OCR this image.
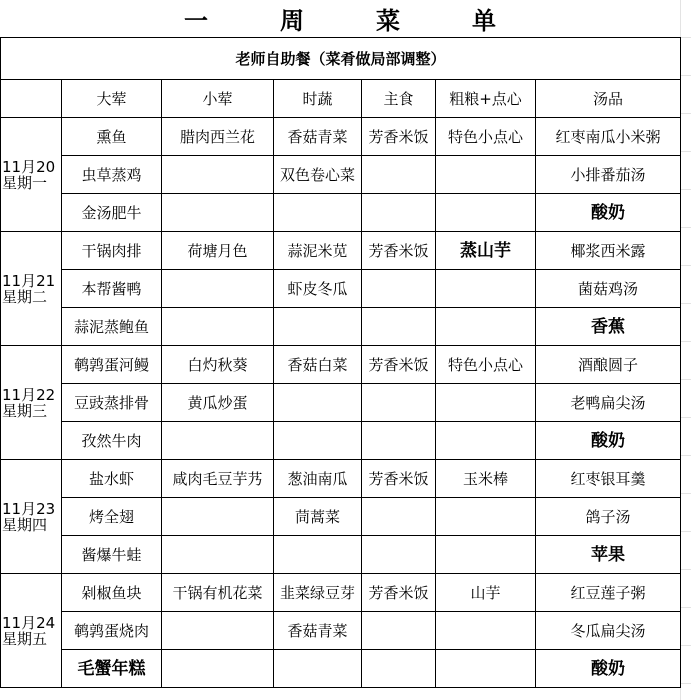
一	周	菜	单
老师自助餐（菜肴做局部调整）						
	大荤	小荤	时蔬	主食	粗粮+点心	汤品

11月20
星期一	熏鱼	腊肉西兰花	香菇青菜	芳香米饭	特色小点心	红枣南瓜小米粥
	虫草蒸鸡		双色卷心菜			小排番茄汤
	金汤肥牛					酸奶

11月21
星期二	干锅肉排	荷塘月色	蒜泥米苋	芳香米饭	蒸山芋	椰浆西米露
	本帮酱鸭		虾皮冬瓜			菌菇鸡汤
	蒜泥蒸鲍鱼					香蕉

11月22
星期三	鹌鹑蛋河鳗	白灼秋葵	香菇白菜	芳香米饭	特色小点心	酒酿圆子
	豆豉蒸排骨	黄瓜炒蛋				老鸭扁尖汤
	孜然牛肉					酸奶

11月23
星期四	盐水虾	咸肉毛豆芋艿	葱油南瓜	芳香米饭	玉米棒	红枣银耳羹
	烤全翅		茼蒿菜			鸽子汤
	酱爆牛蛙					苹果

11月24
星期五	剁椒鱼块	干锅有机花菜	韭菜绿豆芽	芳香米饭	山芋	红豆莲子粥
	鹌鹑蛋烧肉		香菇青菜			冬瓜扁尖汤
	毛蟹年糕					酸奶
